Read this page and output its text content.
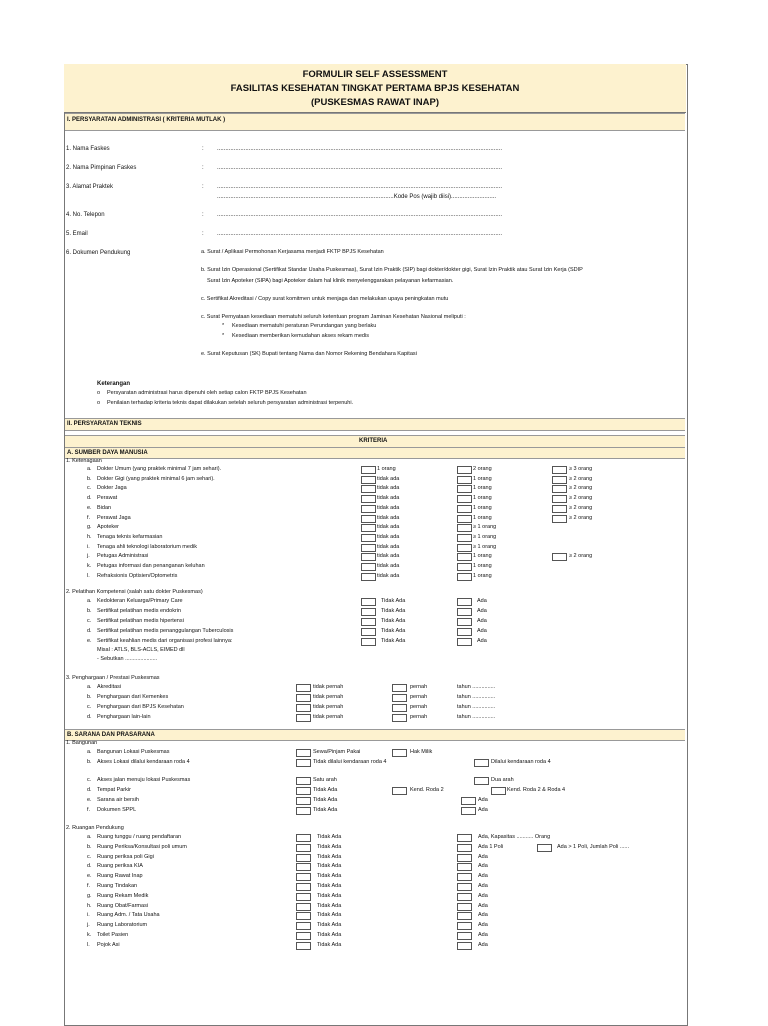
FORMULIR SELF ASSESSMENT
FASILITAS KESEHATAN TINGKAT PERTAMA BPJS KESEHATAN
(PUSKESMAS RAWAT INAP)
I. PERSYARATAN ADMINISTRASI ( KRITERIA MUTLAK )
1. Nama Faskes	: ...........................................................................................................................................................................
2. Nama Pimpinan Faskes	: ...........................................................................................................................................................................
3. Alamat Praktek	: ...........................................................................................................................................................................
..........................................................................................................Kode Pos (wajib diisi)...........................
4. No. Telepon	: ...........................................................................................................................................................................
5. Email	: ...........................................................................................................................................................................
6. Dokumen Pendukung	a. Surat / Aplikasi Permohonan Kerjasama menjadi FKTP BPJS Kesehatan
b. Surat Izin Operasional (Sertifikat Standar Usaha Puskesmas), Surat Izin Praktik (SIP) bagi dokter/dokter gigi, Surat Izin Praktik atau Surat Izin Kerja (SDIP
Surat Izin Apoteker (SIPA) bagi Apoteker dalam hal klinik menyelenggarakan pelayanan kefarmasian.
c. Sertifikat Akreditasi / Copy surat komitmen untuk menjaga dan melakukan upaya peningkatan mutu
c. Surat Pernyataan kesediaan mematuhi seluruh ketentuan program Jaminan Kesehatan Nasional meliputi :
* Kesediaan mematuhi peraturan Perundangan yang berlaku
* Kesediaan memberikan kemudahan akses rekam medis
e. Surat Keputusan (SK) Bupati tentang Nama dan Nomor Rekening Bendahara Kapitasi
Keterangan
o Persyaratan administrasi harus dipenuhi oleh setiap calon FKTP BPJS Kesehatan
o Penilaian terhadap kriteria teknis dapat dilakukan setelah seluruh persyaratan administrasi terpenuhi.
II. PERSYARATAN TEKNIS
KRITERIA
A. SUMBER DAYA MANUSIA
1. Ketenagaan
a. Dokter Umum (yang praktek minimal 7 jam sehari).	1 orang	2 orang	≥ 3 orang
b. Dokter Gigi (yang praktek minimal 6 jam sehari).	tidak ada	1 orang	≥ 2 orang
c. Dokter Jaga	tidak ada	1 orang	≥ 2 orang
d. Perawat	tidak ada	1 orang	≥ 2 orang
e. Bidan	tidak ada	1 orang	≥ 2 orang
f. Perawat Jaga	tidak ada	1 orang	≥ 2 orang
g. Apoteker	tidak ada	≥ 1 orang
h. Tenaga teknis kefarmasian	tidak ada	≥ 1 orang
i. Tenaga ahli teknologi laboratorium medik	tidak ada	≥ 1 orang
j. Petugas Administrasi	tidak ada	1 orang	≥ 2 orang
k. Petugas informasi dan penanganan keluhan	tidak ada	1 orang
l. Refraksionis Optisien/Optometris	tidak ada	1 orang
2. Pelatihan Kompetensi (salah satu dokter Puskesmas)
a. Kedokteran Keluarga/Primary Care	Tidak Ada	Ada
b. Sertifikat pelatihan medis endokrin	Tidak Ada	Ada
c. Sertifikat pelatihan medis hipertensi	Tidak Ada	Ada
d. Sertifikat pelatihan medis penanggulangan Tuberculosis	Tidak Ada	Ada
e. Sertifikat keahlian medis dari organisasi profesi lainnya:	Tidak Ada	Ada
Misal : ATLS, BLS-ACLS, EIMED dll
- Sebutkan .....................
3. Penghargaan / Prestasi Puskesmas
a. Akreditasi	tidak pernah	pernah	tahun ...............
b. Penghargaan dari Kemenkes	tidak pernah	pernah	tahun ...............
c. Penghargaan dari BPJS Kesehatan	tidak pernah	pernah	tahun ...............
d. Penghargaan lain-lain	tidak pernah	pernah	tahun ...............
B. SARANA DAN PRASARANA
1. Bangunan
a. Bangunan Lokasi Puskesmas	Sewa/Pinjam Pakai	Hak Milik
b. Akses Lokasi dilalui kendaraan roda 4	Tidak dilalui kendaraan roda 4	Dilalui kendaraan roda 4
c. Akses jalan menuju lokasi Puskesmas	Satu arah	Dua arah
d. Tempat Parkir	Tidak Ada	Kend. Roda 2	Kend. Roda 2 & Roda 4
e. Sarana air bersih	Tidak Ada	Ada
f. Dokumen SPPL	Tidak Ada	Ada
2. Ruangan Pendukung
a. Ruang tunggu / ruang pendaftaran	Tidak Ada	Ada, Kapasitas ........... Orang
b. Ruang Periksa/Konsultasi poli umum	Tidak Ada	Ada 1 Poli	Ada > 1 Poli, Jumlah Poli ......
c. Ruang periksa poli Gigi	Tidak Ada	Ada
d. Ruang periksa KIA	Tidak Ada	Ada
e. Ruang Rawat Inap	Tidak Ada	Ada
f. Ruang Tindakan	Tidak Ada	Ada
g. Ruang Rekam Medik	Tidak Ada	Ada
h. Ruang Obat/Farmasi	Tidak Ada	Ada
i. Ruang Adm. / Tata Usaha	Tidak Ada	Ada
j. Ruang Laboratorium	Tidak Ada	Ada
k. Toilet Pasien	Tidak Ada	Ada
l. Pojok Asi	Tidak Ada	Ada
